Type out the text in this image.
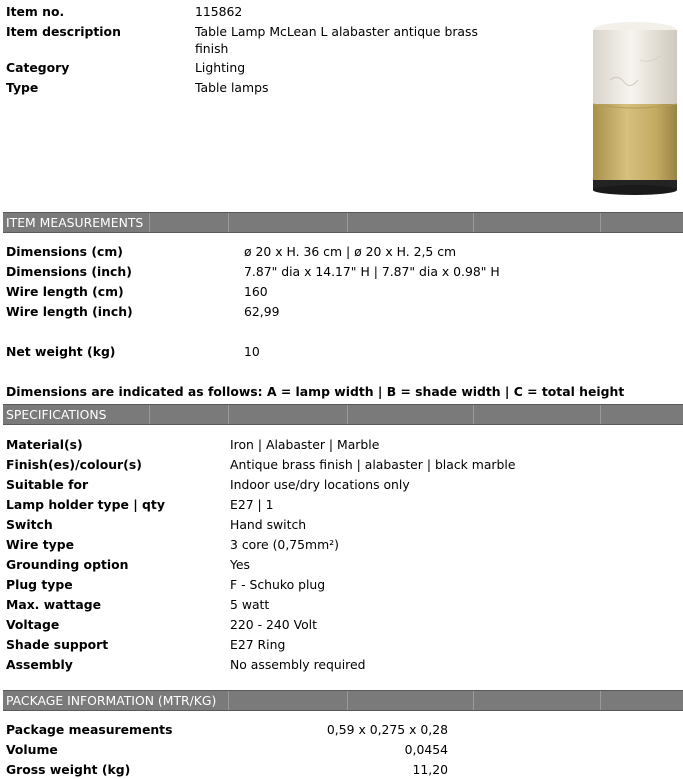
Item no.	115862
Item description	Table Lamp McLean L alabaster antique brass
finish
Category	Lighting
Type	Table lamps
ITEM MEASUREMENTS
Dimensions (cm)	ø 20 x H. 36 cm | ø 20 x H. 2,5 cm
Dimensions (inch)	7.87" dia x 14.17" H | 7.87" dia x 0.98" H
Wire length (cm)	160
Wire length (inch)	62,99
Net weight (kg)	10
Dimensions are indicated as follows: A = lamp width | B = shade width | C = total height
SPECIFICATIONS
Material(s)	Iron | Alabaster | Marble
Finish(es)/colour(s)	Antique brass finish | alabaster | black marble
Suitable for	Indoor use/dry locations only
Lamp holder type | qty	E27 | 1
Switch	Hand switch
Wire type	3 core (0,75mm²)
Grounding option	Yes
Plug type	F - Schuko plug
Max. wattage	5 watt
Voltage	220 - 240 Volt
Shade support	E27 Ring
Assembly	No assembly required
PACKAGE INFORMATION (MTR/KG)
Package measurements	0,59 x 0,275 x 0,28
Volume	0,0454
Gross weight (kg)	11,20
